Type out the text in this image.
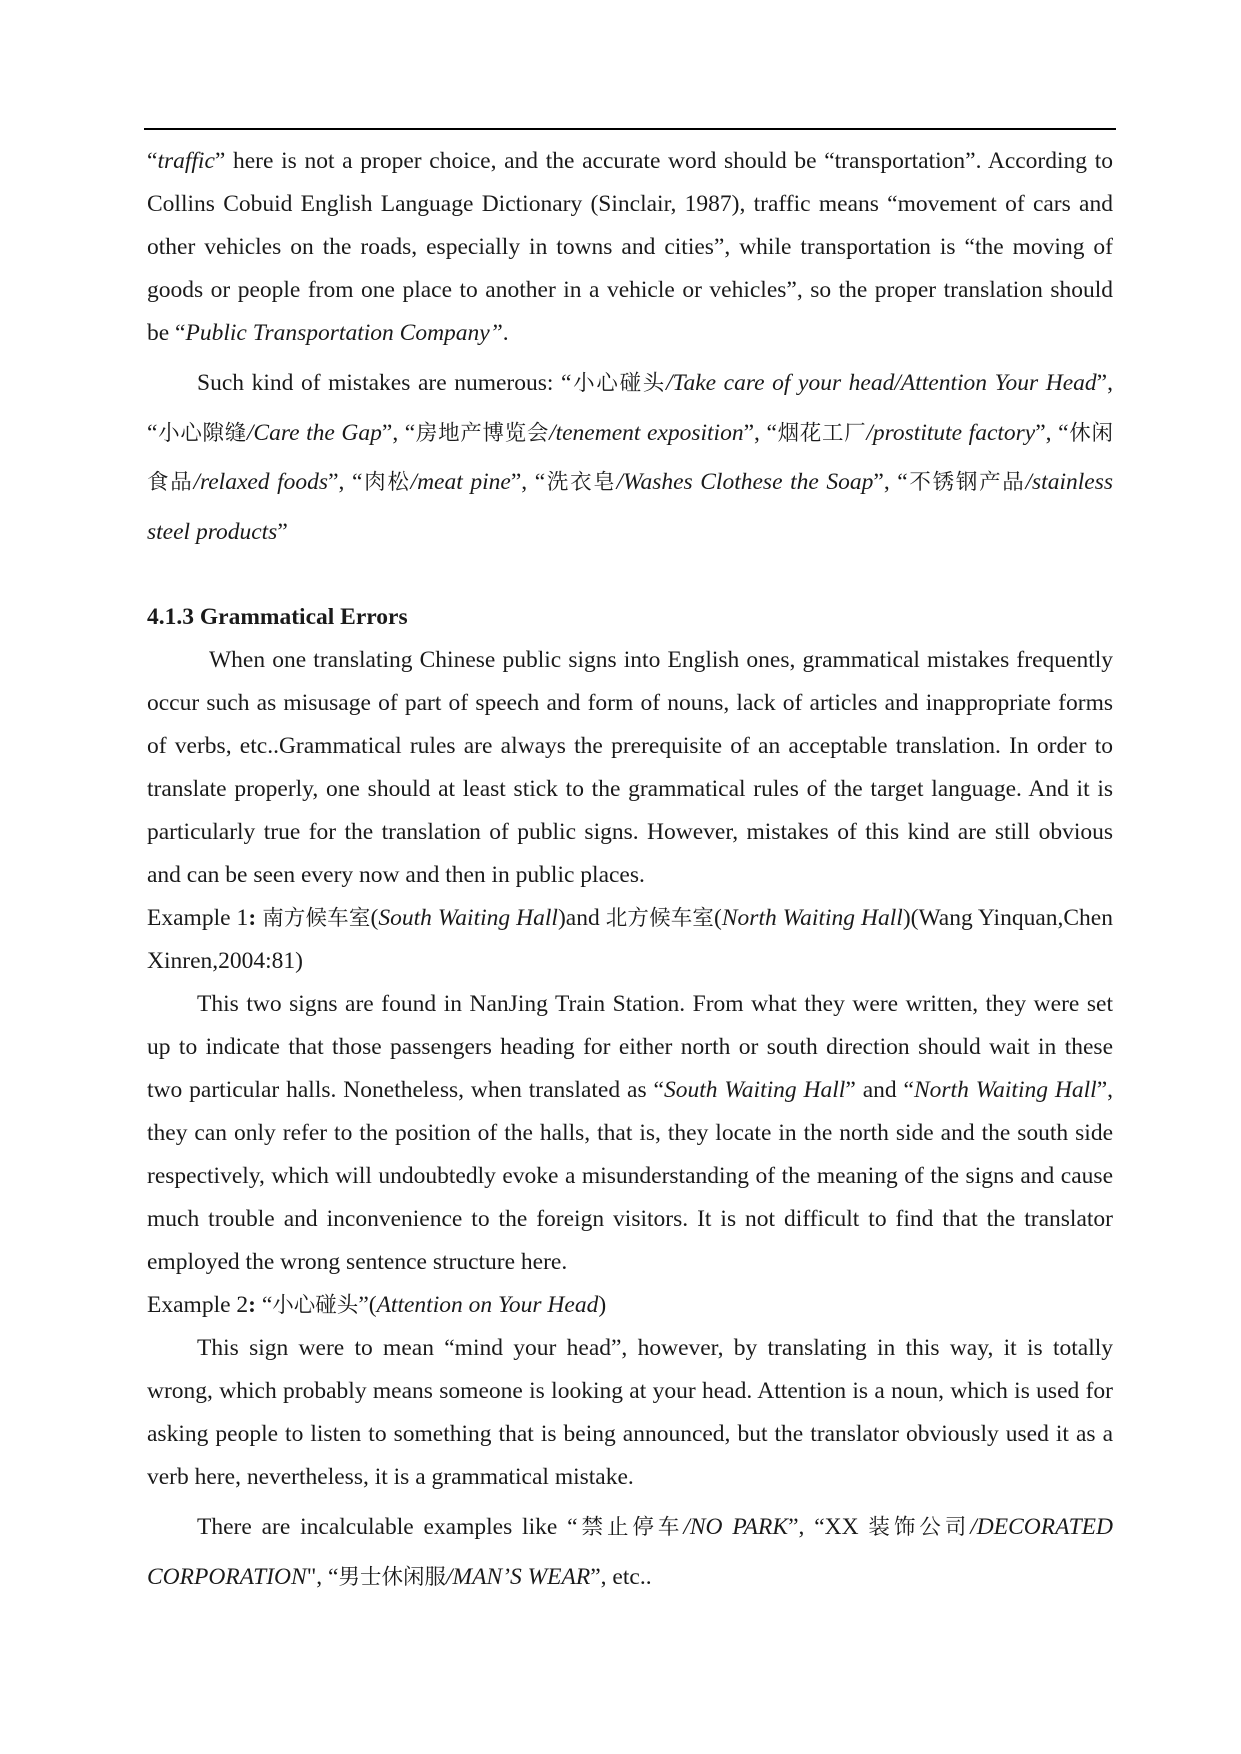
“traffic” here is not a proper choice, and the accurate word should be “transportation”. According to Collins Cobuid English Language Dictionary (Sinclair, 1987), traffic means “movement of cars and other vehicles on the roads, especially in towns and cities”, while transportation is “the moving of goods or people from one place to another in a vehicle or vehicles”, so the proper translation should be “Public Transportation Company”.

Such kind of mistakes are numerous: “小心碰头/Take care of your head/Attention Your Head”, “小心隙缝/Care the Gap”, “房地产博览会/tenement exposition”, “烟花工厂/prostitute factory”, “休闲食品/relaxed foods”, “肉松/meat pine”, “洗衣皂/Washes Clothese the Soap”, “不锈钢产品/stainless steel products”

4.1.3 Grammatical Errors

When one translating Chinese public signs into English ones, grammatical mistakes frequently occur such as misusage of part of speech and form of nouns, lack of articles and inappropriate forms of verbs, etc..Grammatical rules are always the prerequisite of an acceptable translation. In order to translate properly, one should at least stick to the grammatical rules of the target language. And it is particularly true for the translation of public signs. However, mistakes of this kind are still obvious and can be seen every now and then in public places.

Example 1: 南方候车室(South Waiting Hall)and 北方候车室(North Waiting Hall)(Wang Yinquan,Chen Xinren,2004:81)

This two signs are found in NanJing Train Station. From what they were written, they were set up to indicate that those passengers heading for either north or south direction should wait in these two particular halls. Nonetheless, when translated as “South Waiting Hall” and “North Waiting Hall”, they can only refer to the position of the halls, that is, they locate in the north side and the south side respectively, which will undoubtedly evoke a misunderstanding of the meaning of the signs and cause much trouble and inconvenience to the foreign visitors. It is not difficult to find that the translator employed the wrong sentence structure here.

Example 2: “小心碰头”(Attention on Your Head)

This sign were to mean “mind your head”, however, by translating in this way, it is totally wrong, which probably means someone is looking at your head. Attention is a noun, which is used for asking people to listen to something that is being announced, but the translator obviously used it as a verb here, nevertheless, it is a grammatical mistake.

There are incalculable examples like “禁止停车/NO PARK”, “XX 装饰公司/DECORATED CORPORATION", “男士休闲服/MAN’S WEAR”, etc..
